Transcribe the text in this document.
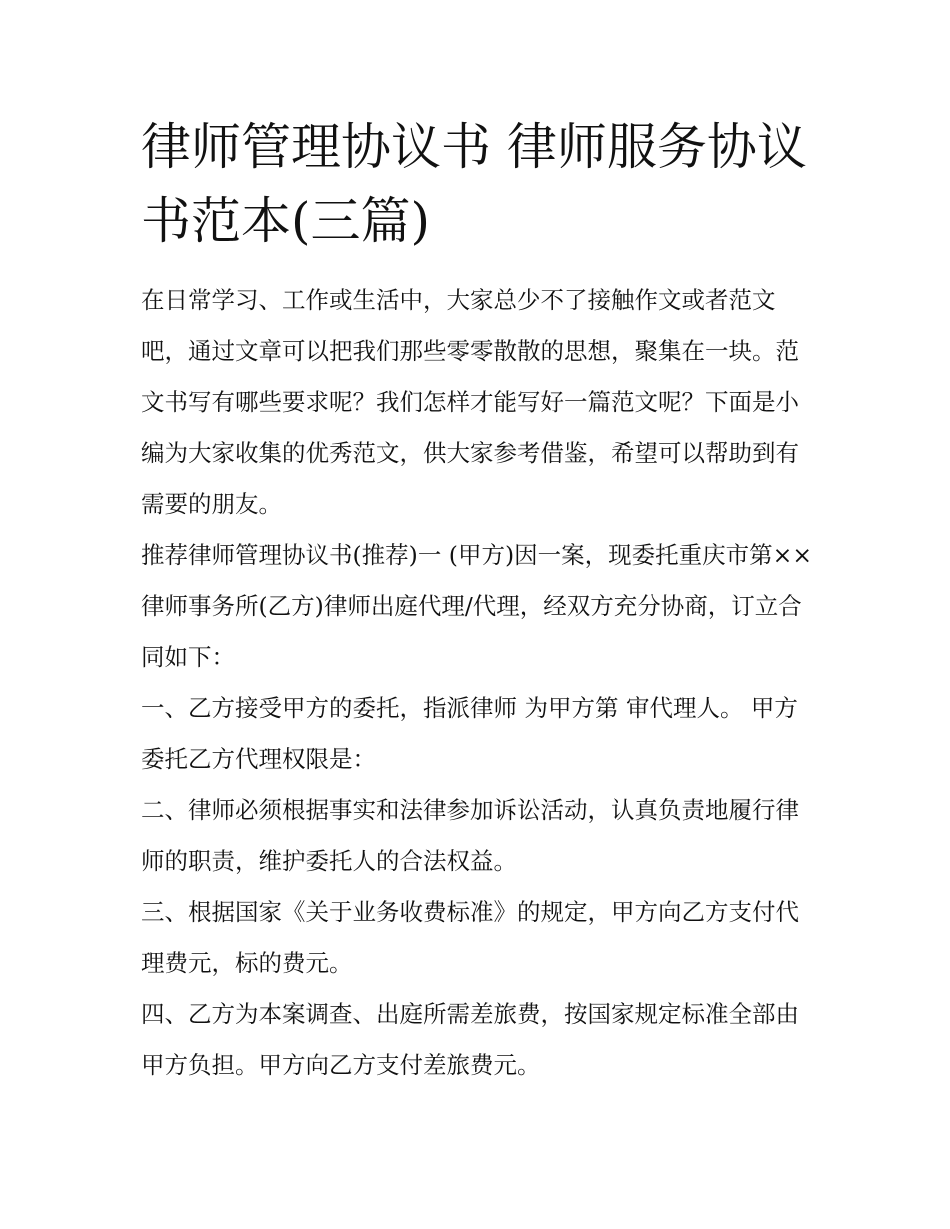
律师管理协议书 律师服务协议书范本(三篇)

在日常学习、工作或生活中，大家总少不了接触作文或者范文吧，通过文章可以把我们那些零零散散的思想，聚集在一块。范文书写有哪些要求呢？我们怎样才能写好一篇范文呢？下面是小编为大家收集的优秀范文，供大家参考借鉴，希望可以帮助到有需要的朋友。

推荐律师管理协议书(推荐)一 (甲方)因一案，现委托重庆市第××律师事务所(乙方)律师出庭代理/代理，经双方充分协商，订立合同如下：

一、乙方接受甲方的委托，指派律师 为甲方第 审代理人。 甲方委托乙方代理权限是：

二、律师必须根据事实和法律参加诉讼活动，认真负责地履行律师的职责，维护委托人的合法权益。

三、根据国家《关于业务收费标准》的规定，甲方向乙方支付代理费元，标的费元。

四、乙方为本案调查、出庭所需差旅费，按国家规定标准全部由甲方负担。甲方向乙方支付差旅费元。
